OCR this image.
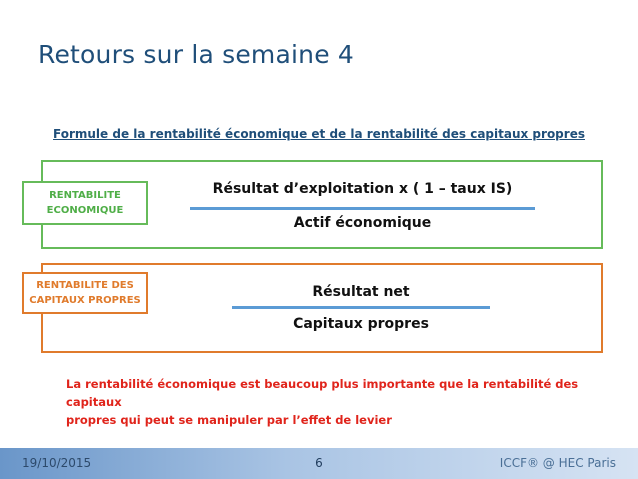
Retours sur la semaine 4
Formule de la rentabilité économique et de la rentabilité des capitaux propres
RENTABILITE
ECONOMIQUE
Résultat d’exploitation x ( 1 – taux IS)
Actif économique
RENTABILITE DES
CAPITAUX PROPRES
Résultat net
Capitaux propres
La rentabilité économique est beaucoup plus importante que la rentabilité des capitaux
propres qui peut se manipuler par l’effet de levier
19/10/2015	6	ICCF® @ HEC Paris
